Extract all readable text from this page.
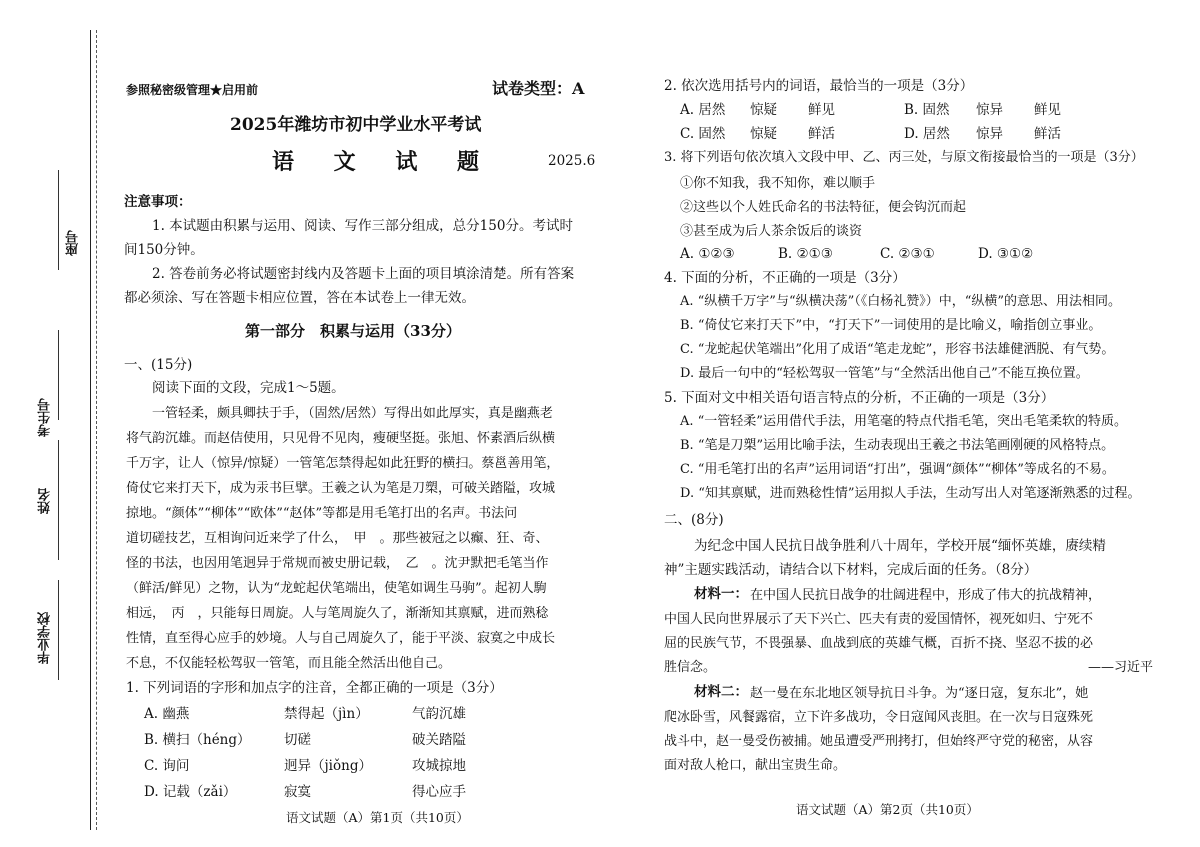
座号
考生号
姓名
毕业学校
参照秘密级管理★启用前	试卷类型：A
2025年潍坊市初中学业水平考试
语 文 试 题	2025.6
注意事项：
1. 本试题由积累与运用、阅读、写作三部分组成，总分150分。考试时
间150分钟。
2. 答卷前务必将试题密封线内及答题卡上面的项目填涂清楚。所有答案
都必须涂、写在答题卡相应位置，答在本试卷上一律无效。
第一部分　积累与运用（33分）
一、(15分)
阅读下面的文段，完成1～5题。
一管轻柔，颇具卿扶于手，（固然/居然）写得出如此厚实，真是幽燕老
将气韵沉雄。而赵佶使用，只见骨不见肉，瘦硬坚挺。张旭、怀素酒后纵横
千万字，让人（惊异/惊疑）一管笔怎禁得起如此狂野的横扫。蔡邕善用笔，
倚仗它来打天下，成为汞书巨擘。王羲之认为笔是刀槊，可破关踏隘，攻城
掠地。“颜体”“柳体”“欧体”“赵体”等都是用毛笔打出的名声。书法问
道切磋技艺，互相询问近来学了什么，　甲　。那些被冠之以癫、狂、奇、
怪的书法，也因用笔迥异于常规而被史册记载，　乙　。沈尹默把毛笔当作
（鲜活/鲜见）之物，认为“龙蛇起伏笔端出，使笔如调生马驹”。起初人駒
相远，　丙　，只能每日周旋。人与笔周旋久了，渐渐知其禀赋，进而熟稔
性情，直至得心应手的妙境。人与自己周旋久了，能于平淡、寂寞之中成长
不息，不仅能轻松驾驭一管笔，而且能全然活出他自己。
1. 下列词语的字形和加点字的注音，全都正确的一项是（3分）
A. 幽燕	禁得起（jìn）	气韵沉雄
B. 横扫（héng） 切磋	破关踏隘
C. 询问	迥异（jiǒng）	攻城掠地
D. 记载（zǎi）	寂寞	得心应手
语文试题（A）第1页（共10页）
2. 依次选用括号内的词语，最恰当的一项是（3分）
A. 居然 惊疑 鲜见	B. 固然 惊异 鲜见
C. 固然 惊疑 鲜活	D. 居然 惊异 鲜活
3. 将下列语句依次填入文段中甲、乙、丙三处，与原文衔接最恰当的一项是（3分）
①你不知我，我不知你，难以顺手
②这些以个人姓氏命名的书法特征，便会钩沉而起
③甚至成为后人茶余饭后的谈资
A. ①②③	B. ②①③	C. ②③①	D. ③①②
4. 下面的分析，不正确的一项是（3分）
A. “纵横千万字”与“纵横决荡”（《白杨礼赞》）中，“纵横”的意思、用法相同。
B. “倚仗它来打天下”中，“打天下”一词使用的是比喻义，喻指创立事业。
C. “龙蛇起伏笔端出”化用了成语“笔走龙蛇”，形容书法雄健洒脱、有气势。
D. 最后一句中的“轻松驾驭一管笔”与“全然活出他自己”不能互换位置。
5. 下面对文中相关语句语言特点的分析，不正确的一项是（3分）
A. “一管轻柔”运用借代手法，用笔毫的特点代指毛笔，突出毛笔柔软的特质。
B. “笔是刀槊”运用比喻手法，生动表现出王羲之书法笔画刚硬的风格特点。
C. “用毛笔打出的名声”运用词语“打出”，强调“颜体”“柳体”等成名的不易。
D. “知其禀赋，进而熟稔性情”运用拟人手法，生动写出人对笔逐渐熟悉的过程。
二、(8分)
为纪念中国人民抗日战争胜利八十周年，学校开展“缅怀英雄，赓续精
神”主题实践活动，请结合以下材料，完成后面的任务。（8分）
材料一： 在中国人民抗日战争的壮阔进程中，形成了伟大的抗战精神，
中国人民向世界展示了天下兴亡、匹夫有责的爱国情怀，视死如归、宁死不
屈的民族气节，不畏强暴、血战到底的英雄气概，百折不挠、坚忍不拔的必
胜信念。	——习近平
材料二： 赵一曼在东北地区领导抗日斗争。为“逐日寇，复东北”，她
爬冰卧雪，风餐露宿，立下许多战功，令日寇闻风丧胆。在一次与日寇殊死
战斗中，赵一曼受伤被捕。她虽遭受严刑拷打，但始终严守党的秘密，从容
面对敌人枪口，献出宝贵生命。
语文试题（A）第2页（共10页）
